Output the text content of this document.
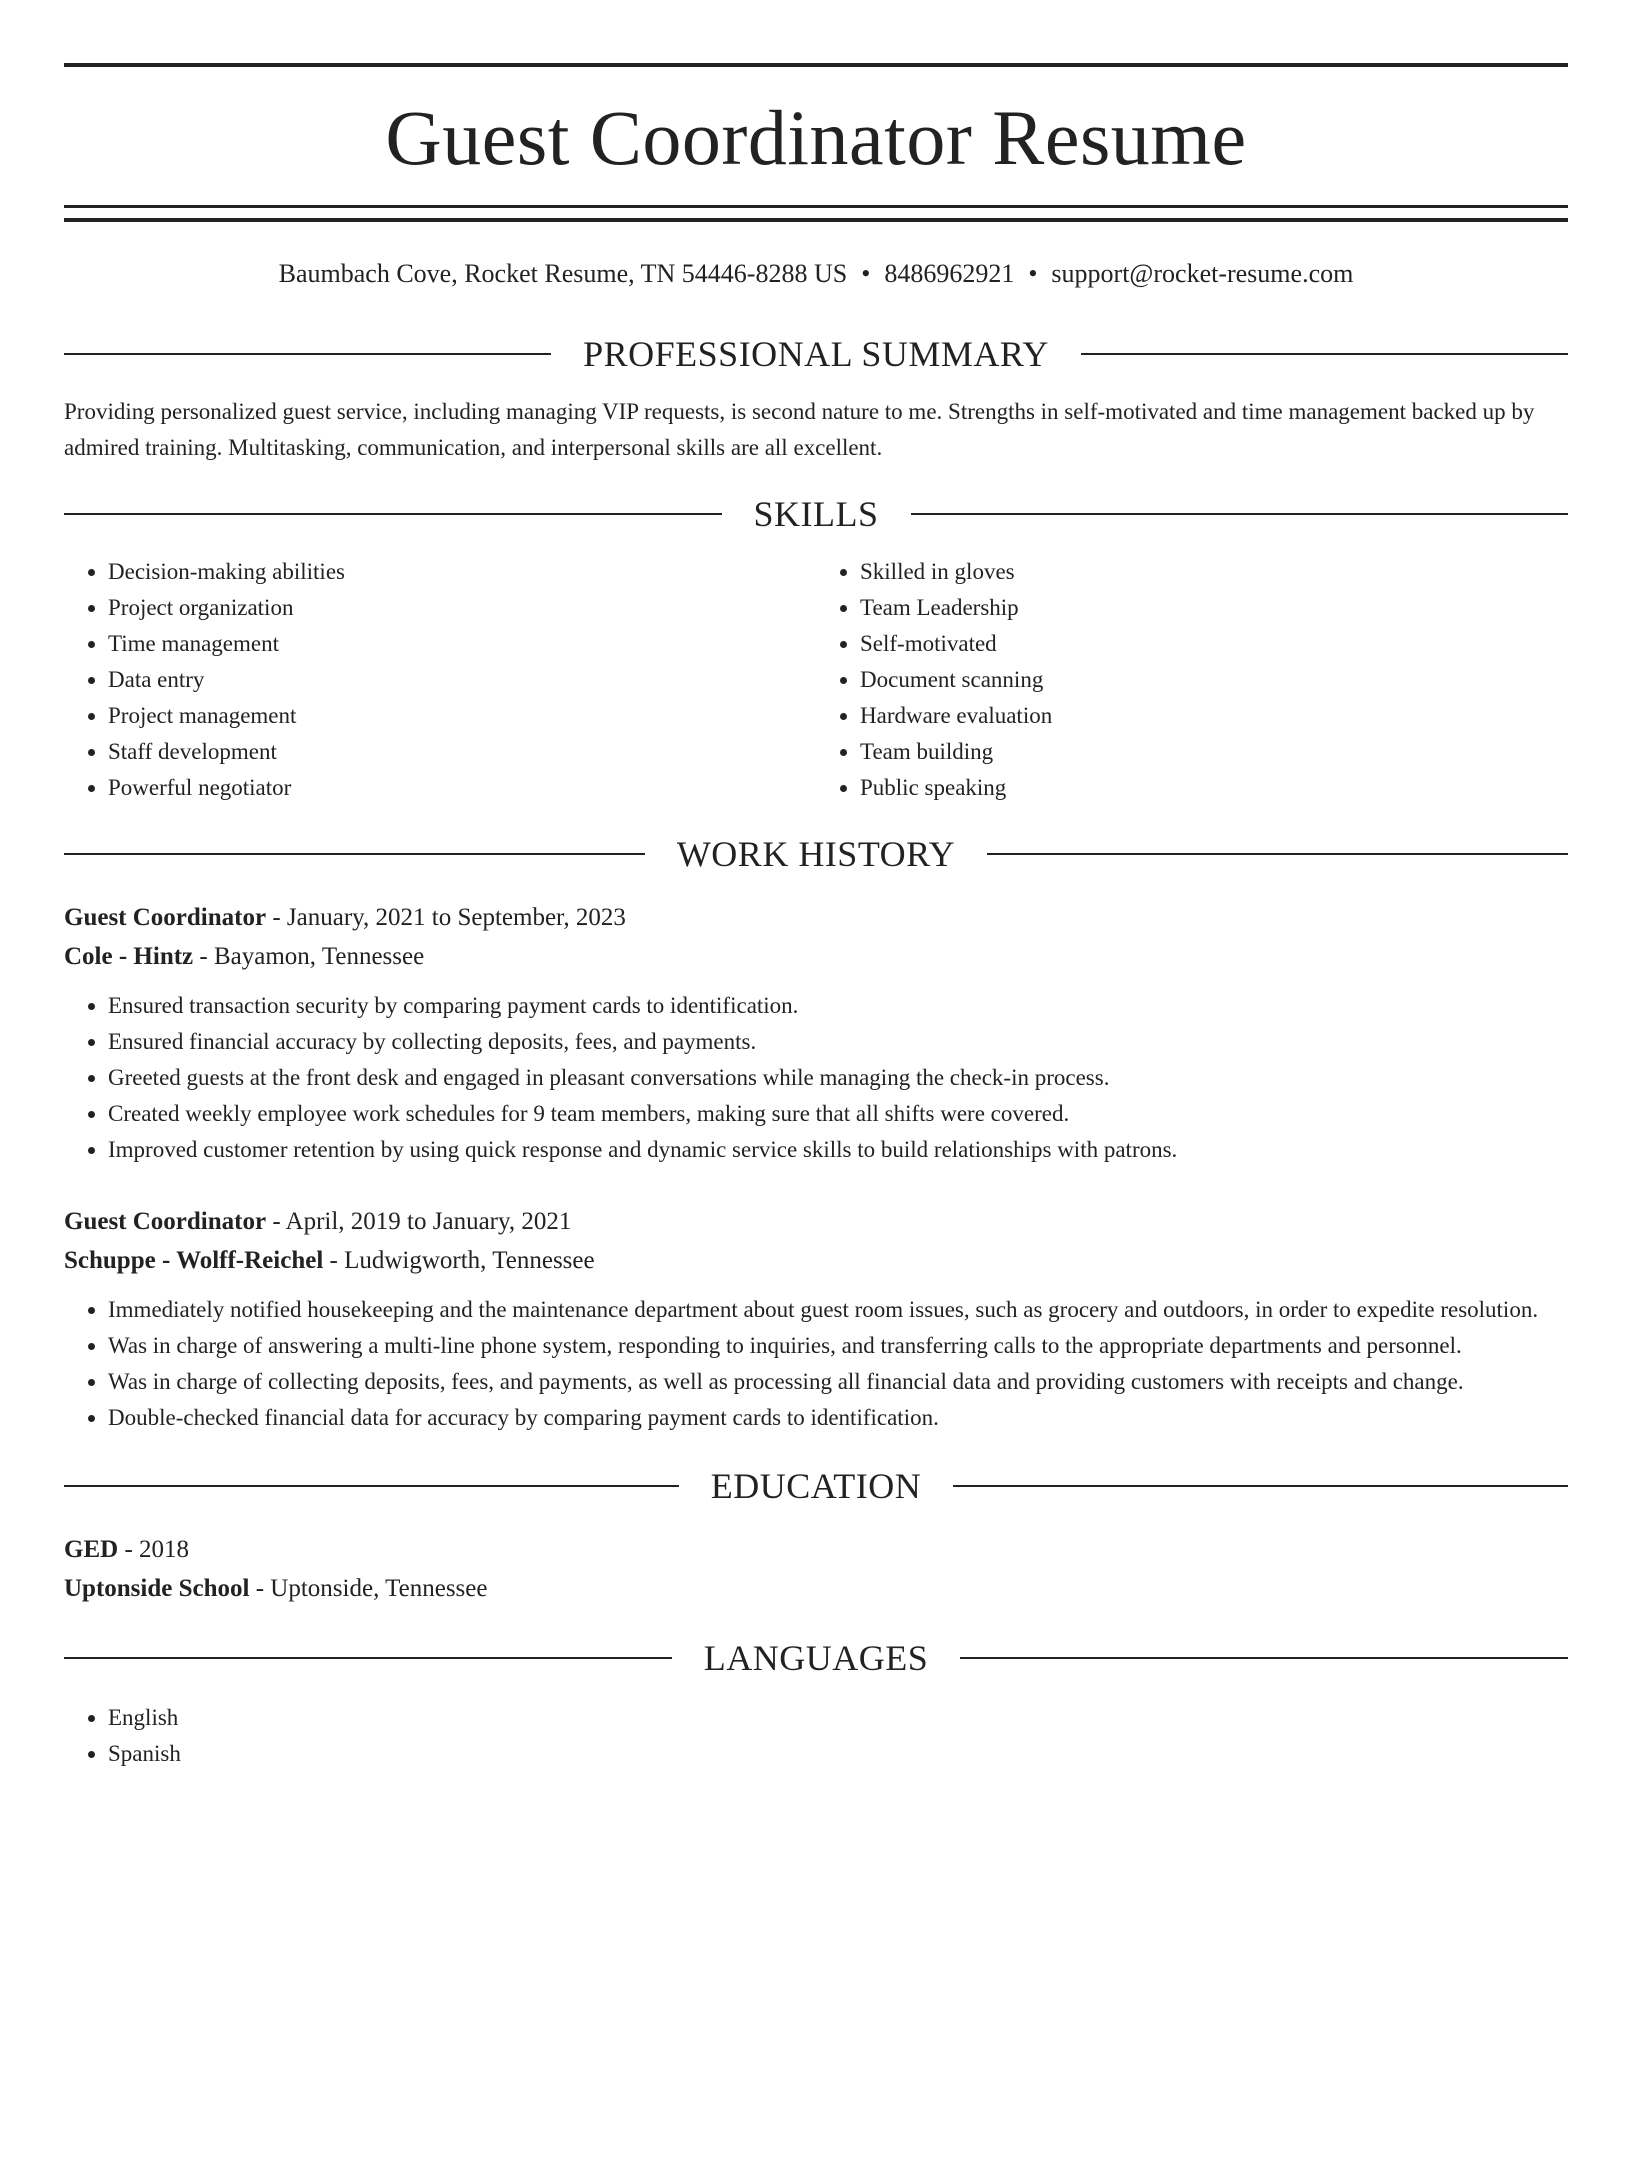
Guest Coordinator Resume
Baumbach Cove, Rocket Resume, TN 54446-8288 US • 8486962921 • support@rocket-resume.com
PROFESSIONAL SUMMARY

Providing personalized guest service, including managing VIP requests, is second nature to me. Strengths in self-motivated and time management backed up by admired training. Multitasking, communication, and interpersonal skills are all excellent.

SKILLS
• Decision-making abilities
• Project organization
• Time management
• Data entry
• Project management
• Staff development
• Powerful negotiator
• Skilled in gloves
• Team Leadership
• Self-motivated
• Document scanning
• Hardware evaluation
• Team building
• Public speaking
WORK HISTORY
Guest Coordinator - January, 2021 to September, 2023
Cole - Hintz - Bayamon, Tennessee
• Ensured transaction security by comparing payment cards to identification.
• Ensured financial accuracy by collecting deposits, fees, and payments.
• Greeted guests at the front desk and engaged in pleasant conversations while managing the check-in process.
• Created weekly employee work schedules for 9 team members, making sure that all shifts were covered.
• Improved customer retention by using quick response and dynamic service skills to build relationships with patrons.
Guest Coordinator - April, 2019 to January, 2021
Schuppe - Wolff-Reichel - Ludwigworth, Tennessee
• Immediately notified housekeeping and the maintenance department about guest room issues, such as grocery and outdoors, in order to expedite resolution.
• Was in charge of answering a multi-line phone system, responding to inquiries, and transferring calls to the appropriate departments and personnel.
• Was in charge of collecting deposits, fees, and payments, as well as processing all financial data and providing customers with receipts and change.
• Double-checked financial data for accuracy by comparing payment cards to identification.
EDUCATION
GED - 2018
Uptonside School - Uptonside, Tennessee
LANGUAGES
• English
• Spanish
